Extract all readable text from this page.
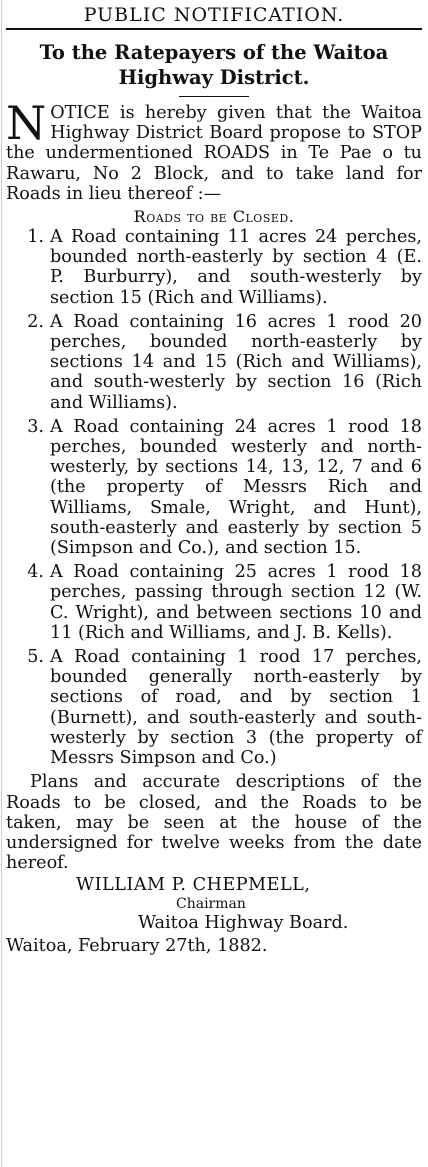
PUBLIC NOTIFICATION.
To the Ratepayers of the Waitoa
Highway District.
NOTICE is hereby given that the Waitoa Highway District Board propose to STOP the undermentioned ROADS in Te Pae o tu Rawaru, No 2 Block, and to take land for Roads in lieu thereof :—
Roads to be Closed.
1. A Road containing 11 acres 24 perches, bounded north-easterly by section 4 (E. P. Burburry), and south-westerly by section 15 (Rich and Williams).
2. A Road containing 16 acres 1 rood 20 perches, bounded north-easterly by sections 14 and 15 (Rich and Williams), and south-westerly by section 16 (Rich and Williams).
3. A Road containing 24 acres 1 rood 18 perches, bounded westerly and north-westerly, by sections 14, 13, 12, 7 and 6 (the property of Messrs Rich and Williams, Smale, Wright, and Hunt), south-easterly and easterly by section 5 (Simpson and Co.), and section 15.
4. A Road containing 25 acres 1 rood 18 perches, passing through section 12 (W. C. Wright), and between sections 10 and 11 (Rich and Williams, and J. B. Kells).
5. A Road containing 1 rood 17 perches, bounded generally north-easterly by sections of road, and by section 1 (Burnett), and south-easterly and south-westerly by section 3 (the property of Messrs Simpson and Co.)
Plans and accurate descriptions of the Roads to be closed, and the Roads to be taken, may be seen at the house of the undersigned for twelve weeks from the date hereof.
WILLIAM P. CHEPMELL,
Chairman
Waitoa Highway Board.
Waitoa, February 27th, 1882.
